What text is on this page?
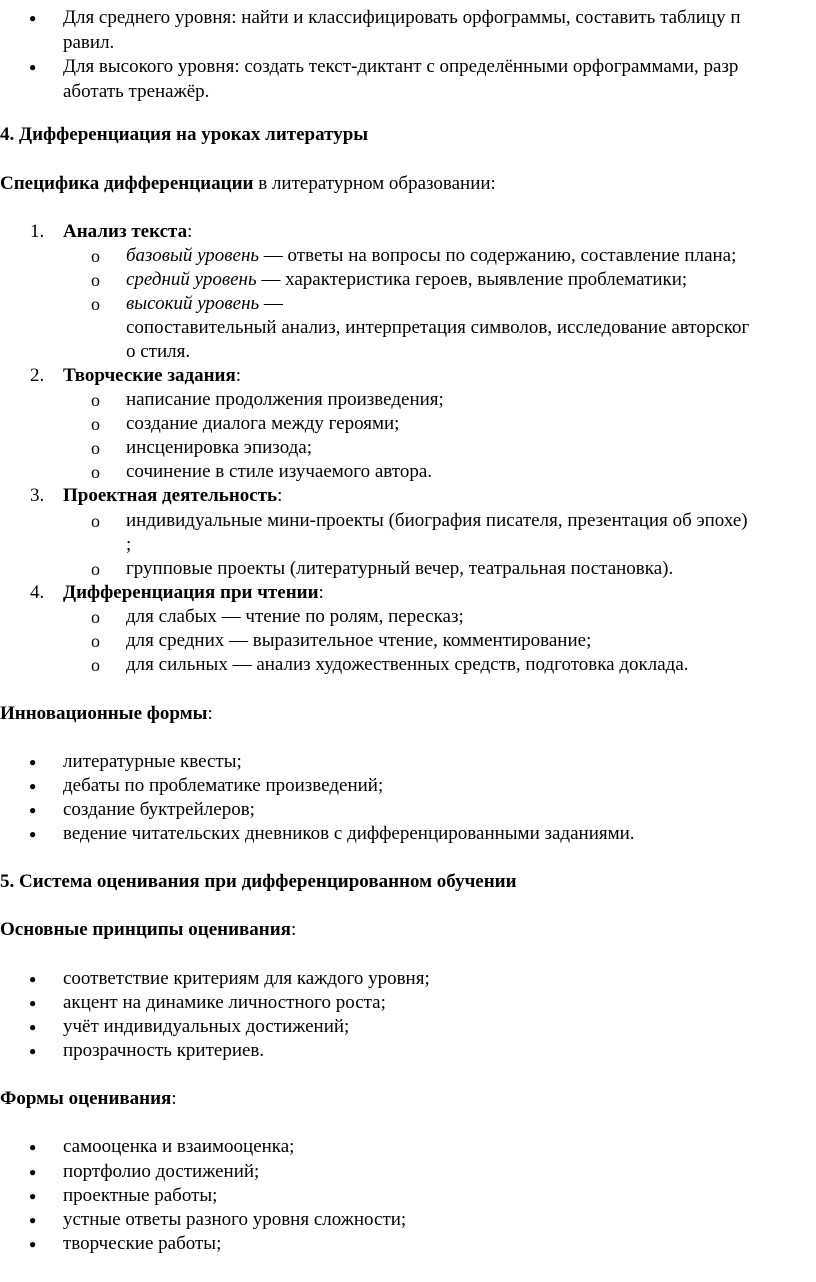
● Для среднего уровня: найти и классифицировать орфограммы, составить таблицу п
равил.
● Для высокого уровня: создать текст-диктант с определёнными орфограммами, разр
аботать тренажёр.
4. Дифференциация на уроках литературы
Специфика дифференциации в литературном образовании:
1. Анализ текста:
o базовый уровень — ответы на вопросы по содержанию, составление плана;
o средний уровень — характеристика героев, выявление проблематики;
o высокий уровень —
сопоставительный анализ, интерпретация символов, исследование авторског
о стиля.
2. Творческие задания:
o написание продолжения произведения;
o создание диалога между героями;
o инсценировка эпизода;
o сочинение в стиле изучаемого автора.
3. Проектная деятельность:
o индивидуальные мини-проекты (биография писателя, презентация об эпохе)
;
o групповые проекты (литературный вечер, театральная постановка).
4. Дифференциация при чтении:
o для слабых — чтение по ролям, пересказ;
o для средних — выразительное чтение, комментирование;
o для сильных — анализ художественных средств, подготовка доклада.
Инновационные формы:
● литературные квесты;
● дебаты по проблематике произведений;
● создание буктрейлеров;
● ведение читательских дневников с дифференцированными заданиями.
5. Система оценивания при дифференцированном обучении
Основные принципы оценивания:
● соответствие критериям для каждого уровня;
● акцент на динамике личностного роста;
● учёт индивидуальных достижений;
● прозрачность критериев.
Формы оценивания:
● самооценка и взаимооценка;
● портфолио достижений;
● проектные работы;
● устные ответы разного уровня сложности;
● творческие работы;
